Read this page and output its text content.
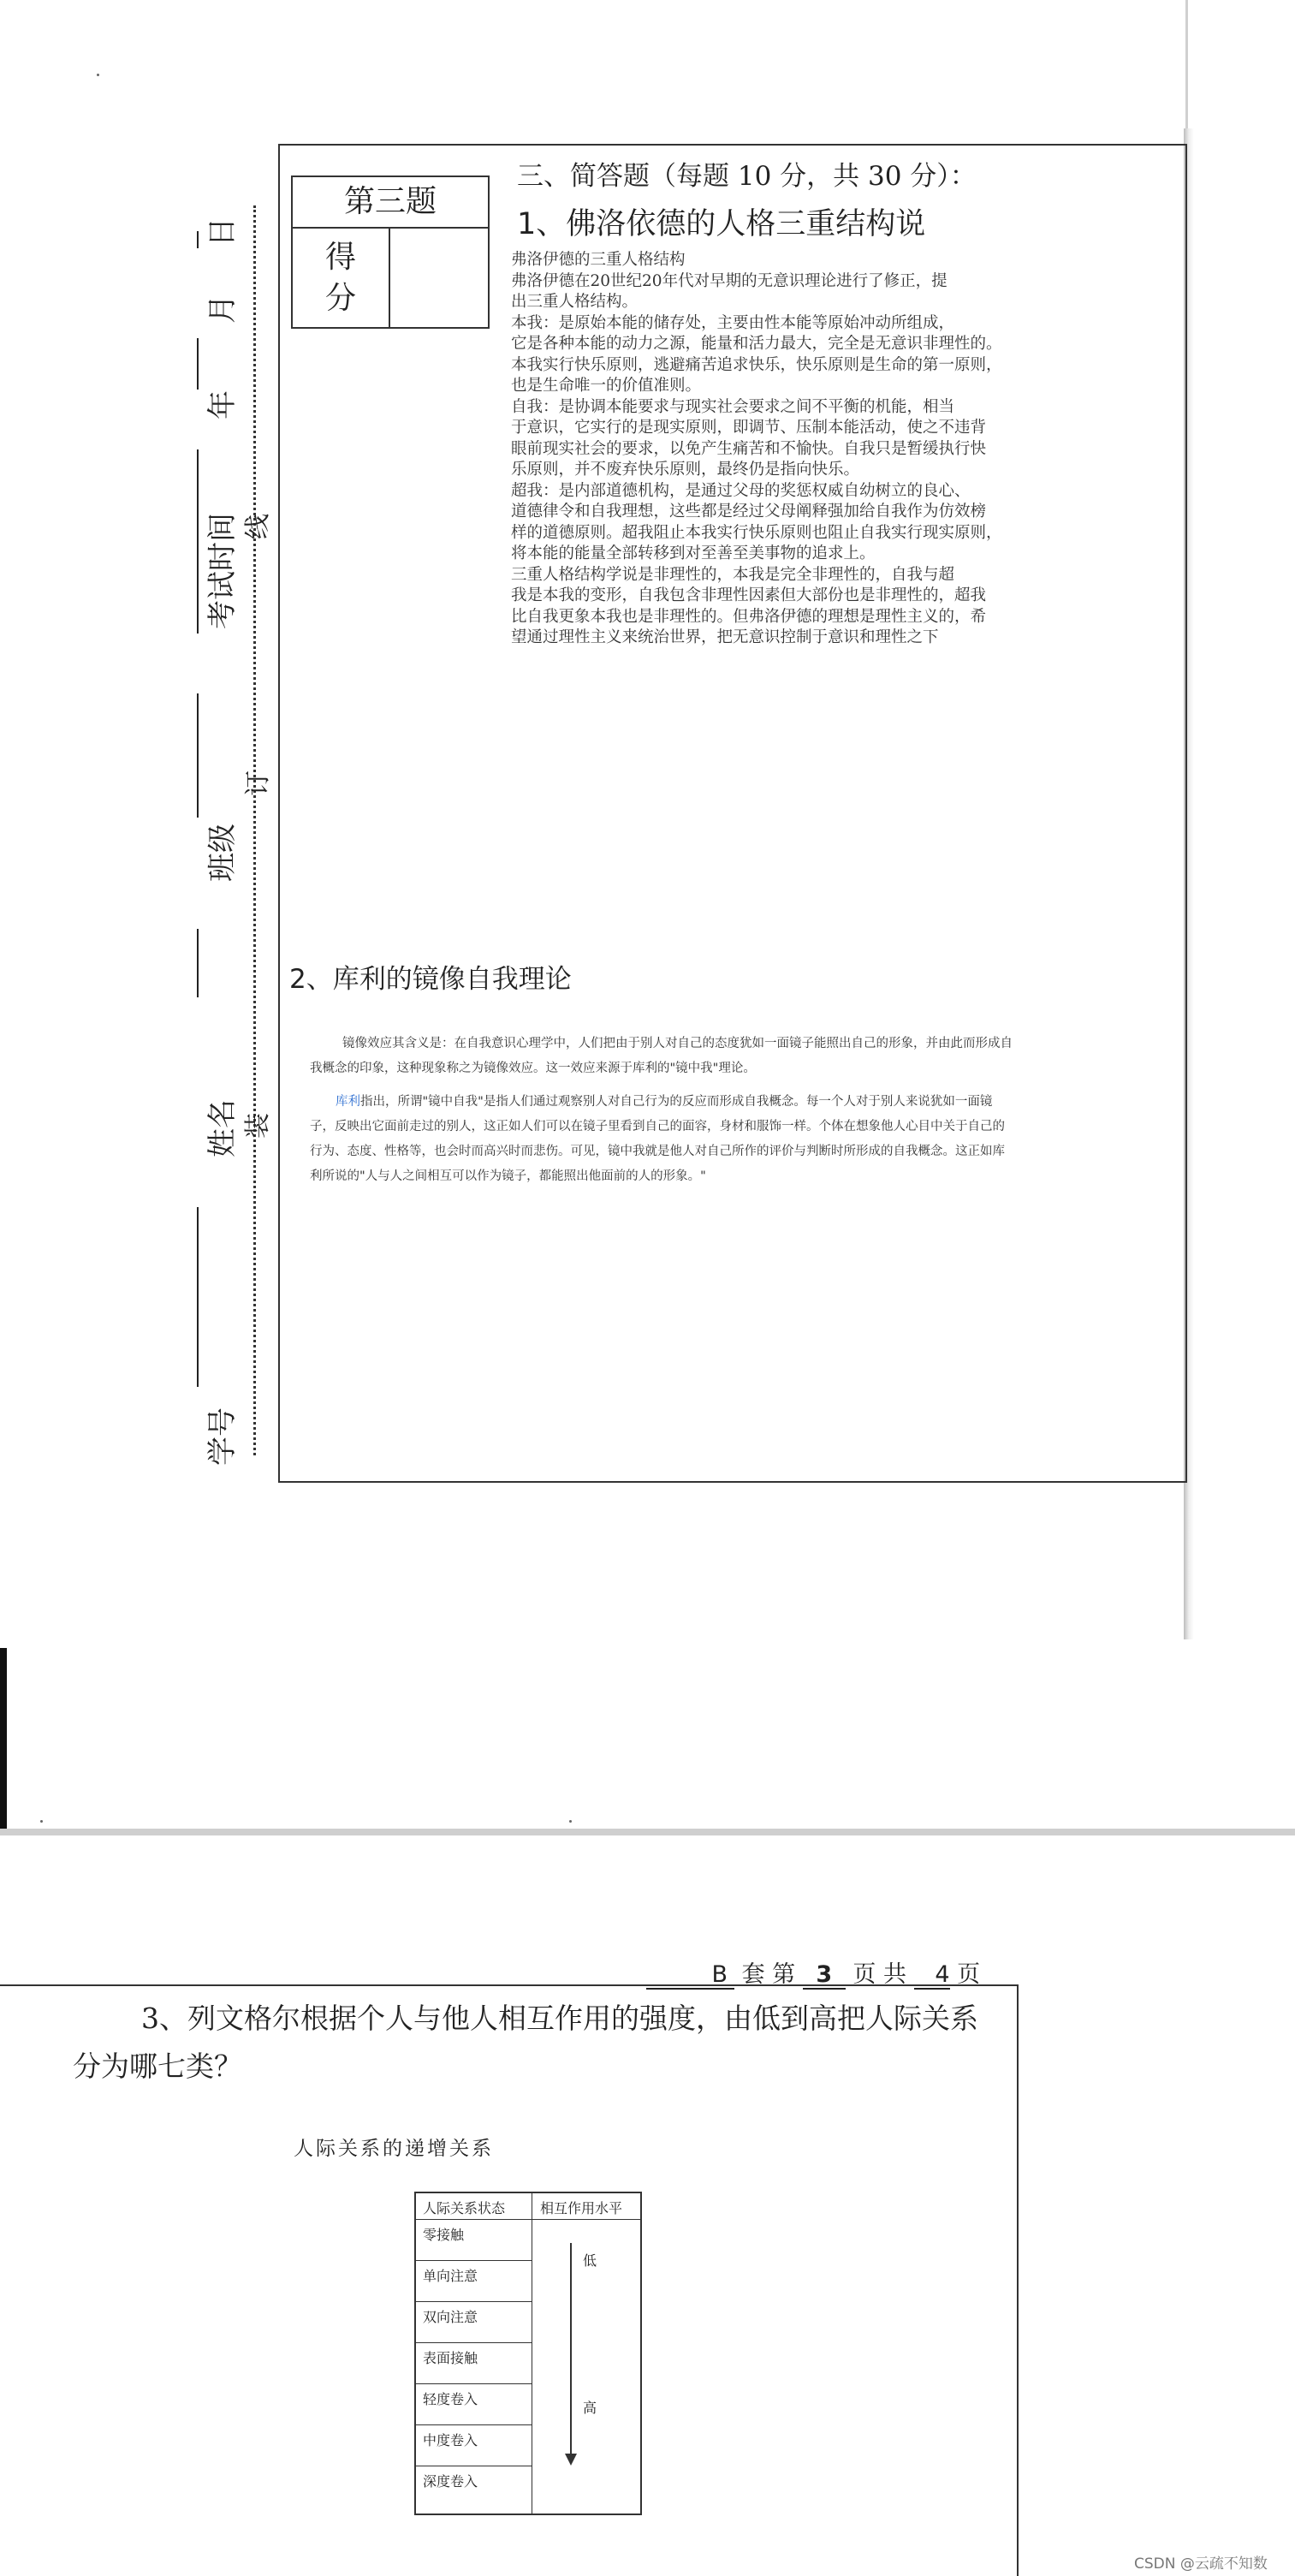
日
月
年
考试时间 线
班级
订
姓名 装
学号
第三题
得
分
三、简答题（每题 10 分，共 30 分）：
1、佛洛依德的人格三重结构说
弗洛伊德的三重人格结构
弗洛伊德在20世纪20年代对早期的无意识理论进行了修正，提
出三重人格结构。
本我：是原始本能的储存处，主要由性本能等原始冲动所组成，
它是各种本能的动力之源，能量和活力最大，完全是无意识非理性的。
本我实行快乐原则，逃避痛苦追求快乐，快乐原则是生命的第一原则，
也是生命唯一的价值准则。
自我：是协调本能要求与现实社会要求之间不平衡的机能，相当
于意识，它实行的是现实原则，即调节、压制本能活动，使之不违背
眼前现实社会的要求，以免产生痛苦和不愉快。自我只是暂缓执行快
乐原则，并不废弃快乐原则，最终仍是指向快乐。
超我：是内部道德机构，是通过父母的奖惩权威自幼树立的良心、
道德律令和自我理想，这些都是经过父母阐释强加给自我作为仿效榜
样的道德原则。超我阻止本我实行快乐原则也阻止自我实行现实原则，
将本能的能量全部转移到对至善至美事物的追求上。
三重人格结构学说是非理性的，本我是完全非理性的，自我与超
我是本我的变形，自我包含非理性因素但大部份也是非理性的，超我
比自我更象本我也是非理性的。但弗洛伊德的理想是理性主义的，希
望通过理性主义来统治世界，把无意识控制于意识和理性之下
2、库利的镜像自我理论
镜像效应其含义是：在自我意识心理学中，人们把由于别人对自己的态度犹如一面镜子能照出自己的形象，并由此而形成自
我概念的印象，这种现象称之为镜像效应。这一效应来源于库利的"镜中我"理论。
库利指出，所谓"镜中自我"是指人们通过观察别人对自己行为的反应而形成自我概念。每一个人对于别人来说犹如一面镜
子，反映出它面前走过的别人，这正如人们可以在镜子里看到自己的面容，身材和服饰一样。个体在想象他人心目中关于自己的
行为、态度、性格等，也会时而高兴时而悲伤。可见，镜中我就是他人对自己所作的评价与判断时所形成的自我概念。这正如库
利所说的"人与人之间相互可以作为镜子，都能照出他面前的人的形象。"
B 套 第 3 页 共 4 页
3、列文格尔根据个人与他人相互作用的强度，由低到高把人际关系
分为哪七类？
人际关系的递增关系
人际关系状态	相互作用水平
零接触
单向注意
双向注意
表面接触
轻度卷入
中度卷入
深度卷入
低
高
CSDN @云疏不知数
